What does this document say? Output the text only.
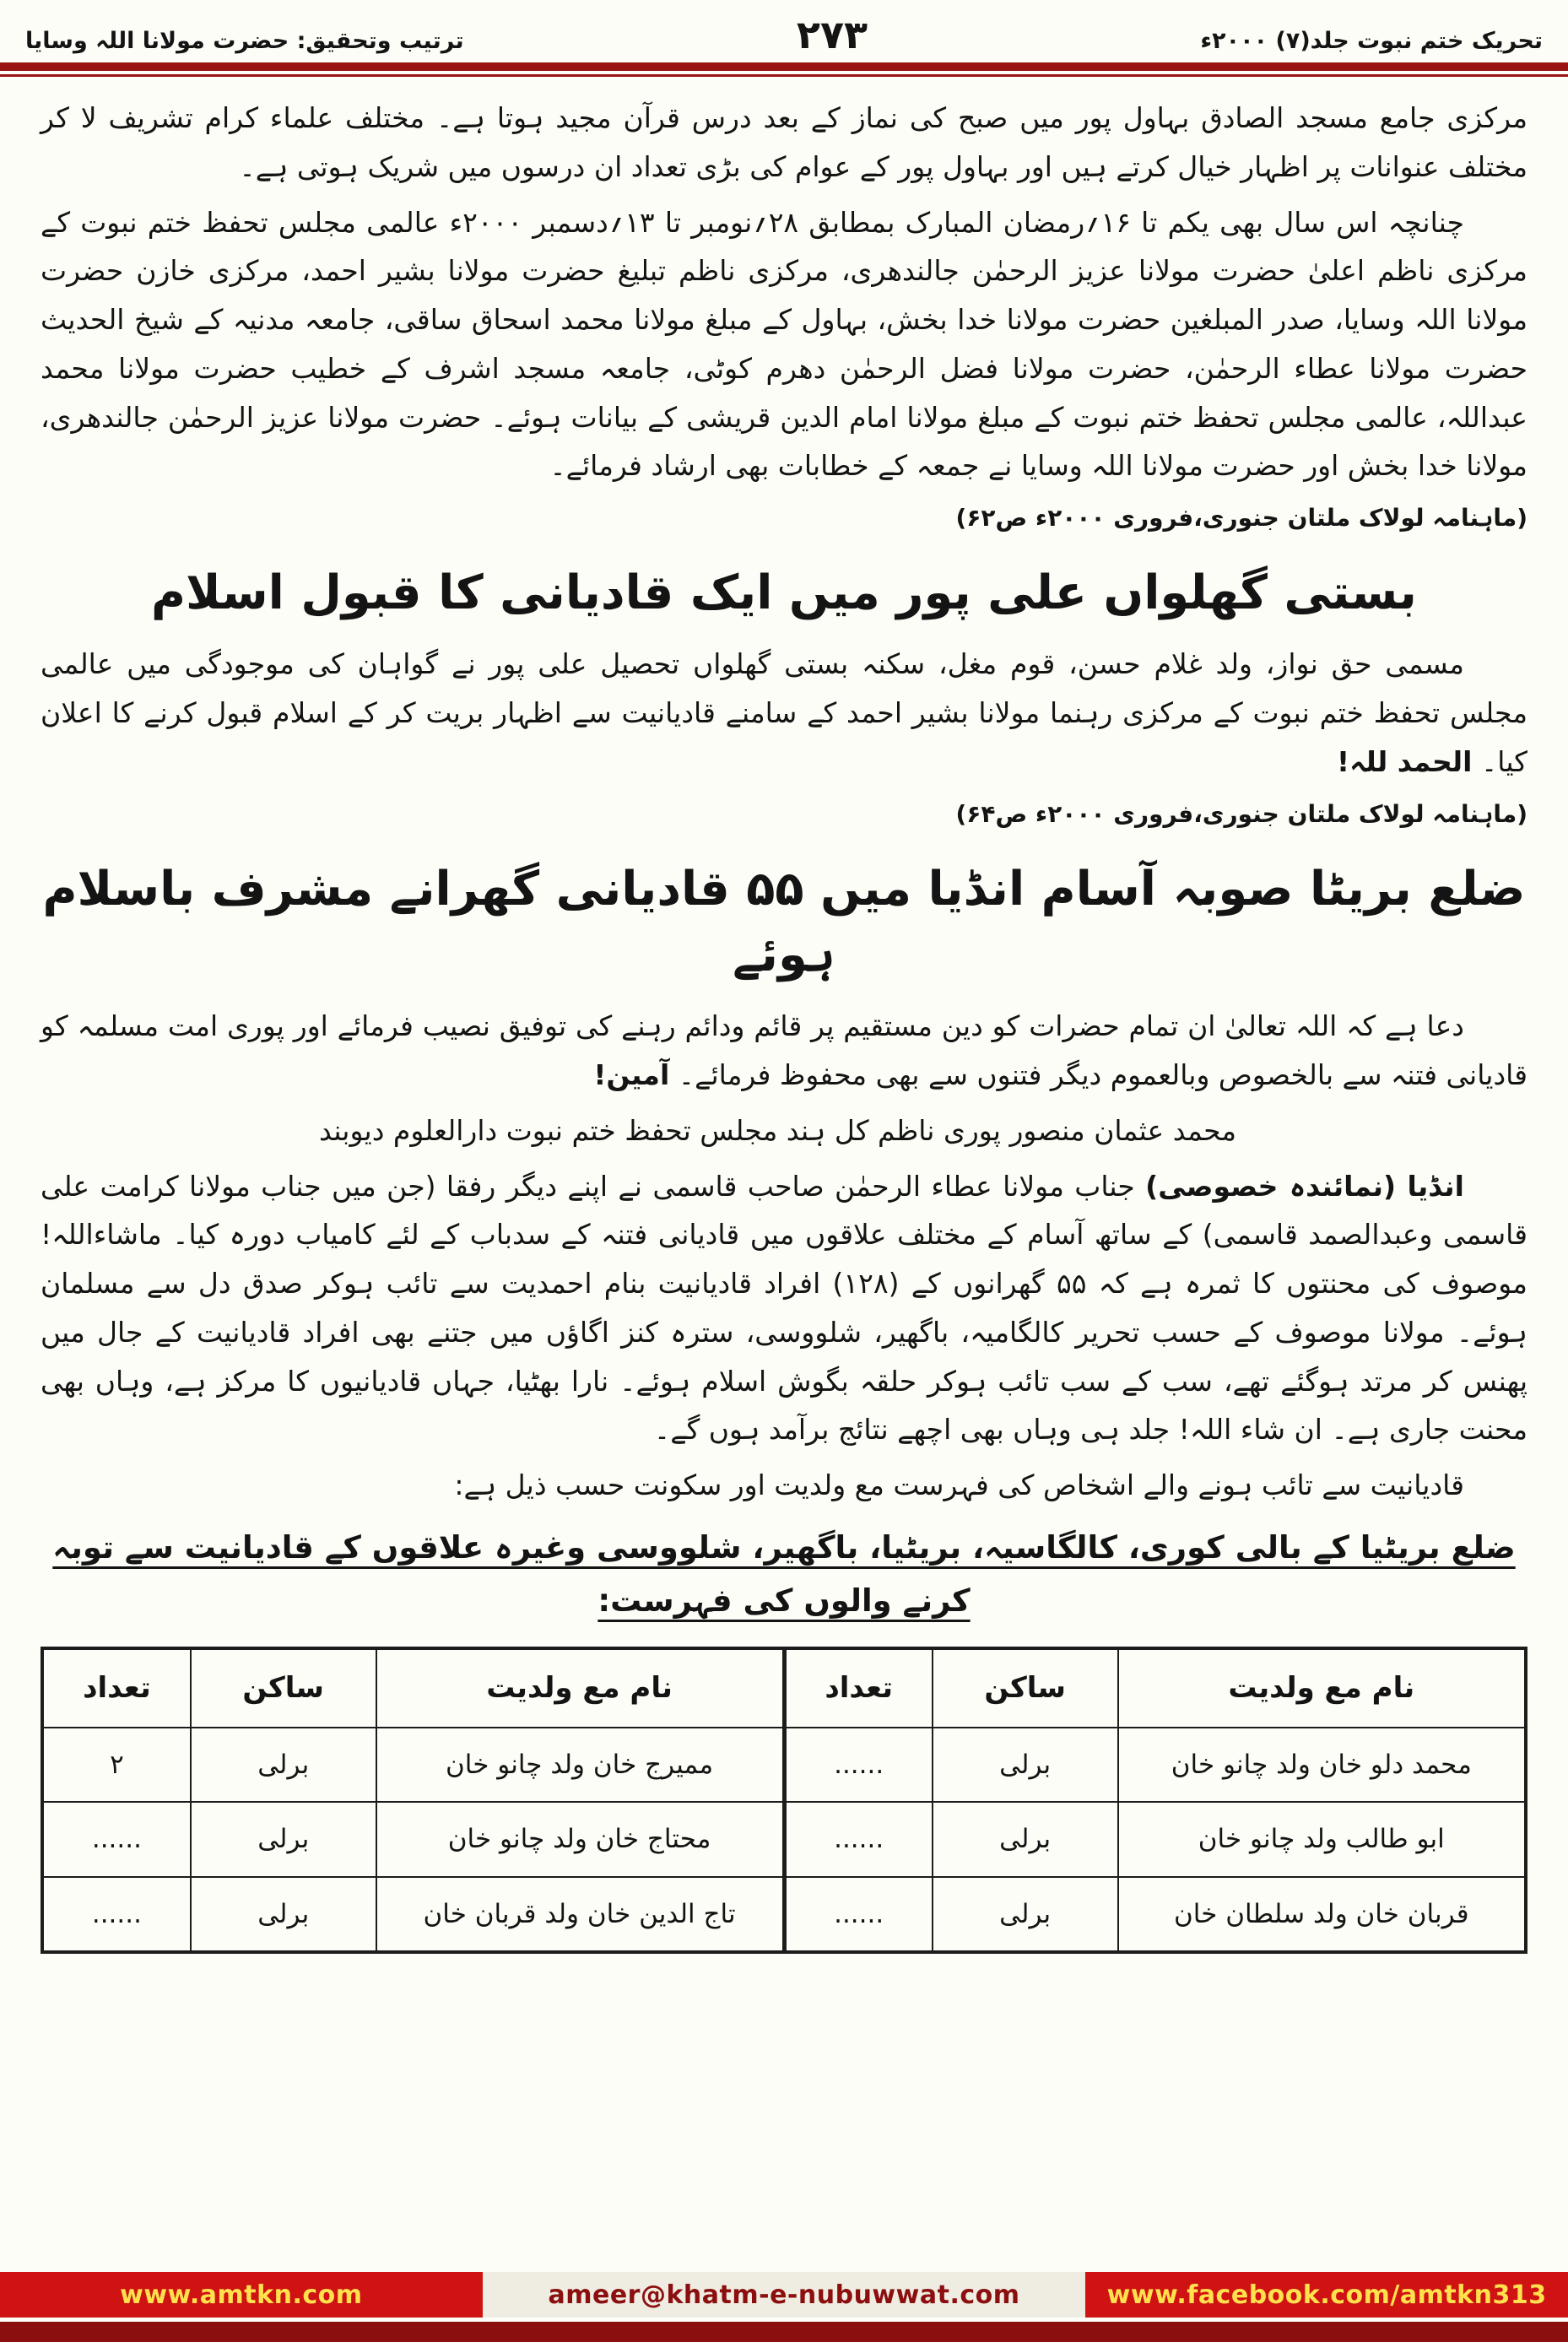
تحریک ختم نبوت جلد(۷) ۲۰۰۰ء
۲۷۳
ترتیب وتحقیق: حضرت مولانا اللہ وسایا

مرکزی جامع مسجد الصادق بہاول پور میں صبح کی نماز کے بعد درس قرآن مجید ہوتا ہے۔ مختلف علماء کرام تشریف لا کر مختلف عنوانات پر اظہار خیال کرتے ہیں اور بہاول پور کے عوام کی بڑی تعداد ان درسوں میں شریک ہوتی ہے۔

چنانچہ اس سال بھی یکم تا ۱۶؍رمضان المبارک بمطابق ۲۸؍نومبر تا ۱۳؍دسمبر ۲۰۰۰ء عالمی مجلس تحفظ ختم نبوت کے مرکزی ناظم اعلیٰ حضرت مولانا عزیز الرحمٰن جالندھری، مرکزی ناظم تبلیغ حضرت مولانا بشیر احمد، مرکزی خازن حضرت مولانا اللہ وسایا، صدر المبلغین حضرت مولانا خدا بخش، بہاول کے مبلغ مولانا محمد اسحاق ساقی، جامعہ مدنیہ کے شیخ الحدیث حضرت مولانا عطاء الرحمٰن، حضرت مولانا فضل الرحمٰن دھرم کوٹی، جامعہ مسجد اشرف کے خطیب حضرت مولانا محمد عبداللہ، عالمی مجلس تحفظ ختم نبوت کے مبلغ مولانا امام الدین قریشی کے بیانات ہوئے۔ حضرت مولانا عزیز الرحمٰن جالندھری، مولانا خدا بخش اور حضرت مولانا اللہ وسایا نے جمعہ کے خطابات بھی ارشاد فرمائے۔

(ماہنامہ لولاک ملتان جنوری،فروری ۲۰۰۰ء ص۶۲)

بستی گھلواں علی پور میں ایک قادیانی کا قبول اسلام

مسمی حق نواز، ولد غلام حسن، قوم مغل، سکنہ بستی گھلواں تحصیل علی پور نے گواہان کی موجودگی میں عالمی مجلس تحفظ ختم نبوت کے مرکزی رہنما مولانا بشیر احمد کے سامنے قادیانیت سے اظہار بریت کر کے اسلام قبول کرنے کا اعلان کیا۔ الحمد للہ!

(ماہنامہ لولاک ملتان جنوری،فروری ۲۰۰۰ء ص۶۴)

ضلع بریٹا صوبہ آسام انڈیا میں ۵۵ قادیانی گھرانے مشرف باسلام ہوئے

دعا ہے کہ اللہ تعالیٰ ان تمام حضرات کو دین مستقیم پر قائم ودائم رہنے کی توفیق نصیب فرمائے اور پوری امت مسلمہ کو قادیانی فتنہ سے بالخصوص وبالعموم دیگر فتنوں سے بھی محفوظ فرمائے۔ آمین!

محمد عثمان منصور پوری ناظم کل ہند مجلس تحفظ ختم نبوت دارالعلوم دیوبند

انڈیا (نمائندہ خصوصی) جناب مولانا عطاء الرحمٰن صاحب قاسمی نے اپنے دیگر رفقا (جن میں جناب مولانا کرامت علی قاسمی وعبدالصمد قاسمی) کے ساتھ آسام کے مختلف علاقوں میں قادیانی فتنہ کے سدباب کے لئے کامیاب دورہ کیا۔ ماشاءاللہ! موصوف کی محنتوں کا ثمرہ ہے کہ ۵۵ گھرانوں کے (۱۲۸) افراد قادیانیت بنام احمدیت سے تائب ہوکر صدق دل سے مسلمان ہوئے۔ مولانا موصوف کے حسب تحریر کالگامیہ، باگھیر، شلووسی، سترہ کنز اگاؤں میں جتنے بھی افراد قادیانیت کے جال میں پھنس کر مرتد ہوگئے تھے، سب کے سب تائب ہوکر حلقہ بگوش اسلام ہوئے۔ نارا بھٹیا، جہاں قادیانیوں کا مرکز ہے، وہاں بھی محنت جاری ہے۔ ان شاء اللہ! جلد ہی وہاں بھی اچھے نتائج برآمد ہوں گے۔

قادیانیت سے تائب ہونے والے اشخاص کی فہرست مع ولدیت اور سکونت حسب ذیل ہے:

ضلع بریٹیا کے بالی کوری، کالگاسیہ، بریٹیا، باگھیر، شلووسی وغیرہ علاقوں کے قادیانیت سے توبہ کرنے والوں کی فہرست:
نام مع ولدیت	ساکن	تعداد	نام مع ولدیت	ساکن	تعداد
محمد دلو خان ولد چانو خان	برلی	......	ممیرج خان ولد چانو خان	برلی	۲
ابو طالب ولد چانو خان	برلی	......	محتاج خان ولد چانو خان	برلی	......
قربان خان ولد سلطان خان	برلی	......	تاج الدین خان ولد قربان خان	برلی	......
www.amtkn.com	ameer@khatm-e-nubuwwat.com	www.facebook.com/amtkn313
